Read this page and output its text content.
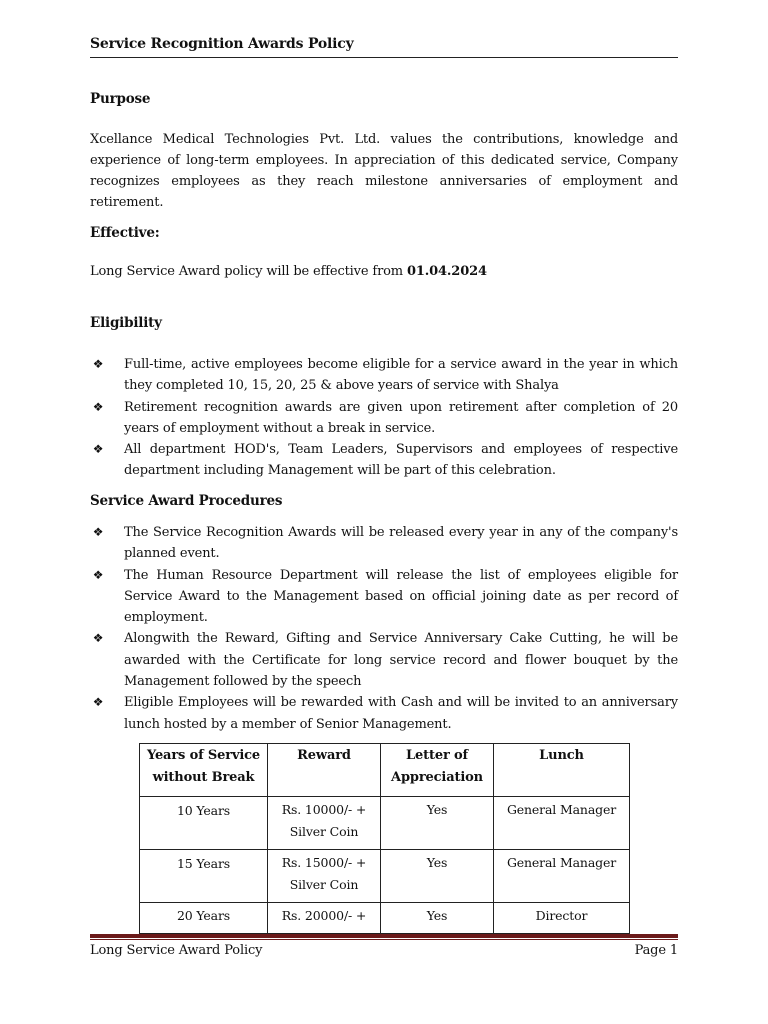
Service Recognition Awards Policy
Purpose
Xcellance Medical Technologies Pvt. Ltd. values the contributions, knowledge and experience of long-term employees. In appreciation of this dedicated service, Company recognizes employees as they reach milestone anniversaries of employment and retirement.
Effective:
Long Service Award policy will be effective from 01.04.2024
Eligibility
❖ Full-time, active employees become eligible for a service award in the year in which they completed 10, 15, 20, 25 & above years of service with Shalya
❖ Retirement recognition awards are given upon retirement after completion of 20 years of employment without a break in service.
❖ All department HOD's, Team Leaders, Supervisors and employees of respective department including Management will be part of this celebration.
Service Award Procedures
❖ The Service Recognition Awards will be released every year in any of the company's planned event.
❖ The Human Resource Department will release the list of employees eligible for Service Award to the Management based on official joining date as per record of employment.
❖ Alongwith the Reward, Gifting and Service Anniversary Cake Cutting, he will be awarded with the Certificate for long service record and flower bouquet by the Management followed by the speech
❖ Eligible Employees will be rewarded with Cash and will be invited to an anniversary lunch hosted by a member of Senior Management.
Years of Service without Break	Reward	Letter of Appreciation	Lunch
10 Years	Rs. 10000/- + Silver Coin	Yes	General Manager
15 Years	Rs. 15000/- + Silver Coin	Yes	General Manager
20 Years	Rs. 20000/- +	Yes	Director
Long Service Award Policy	Page 1
